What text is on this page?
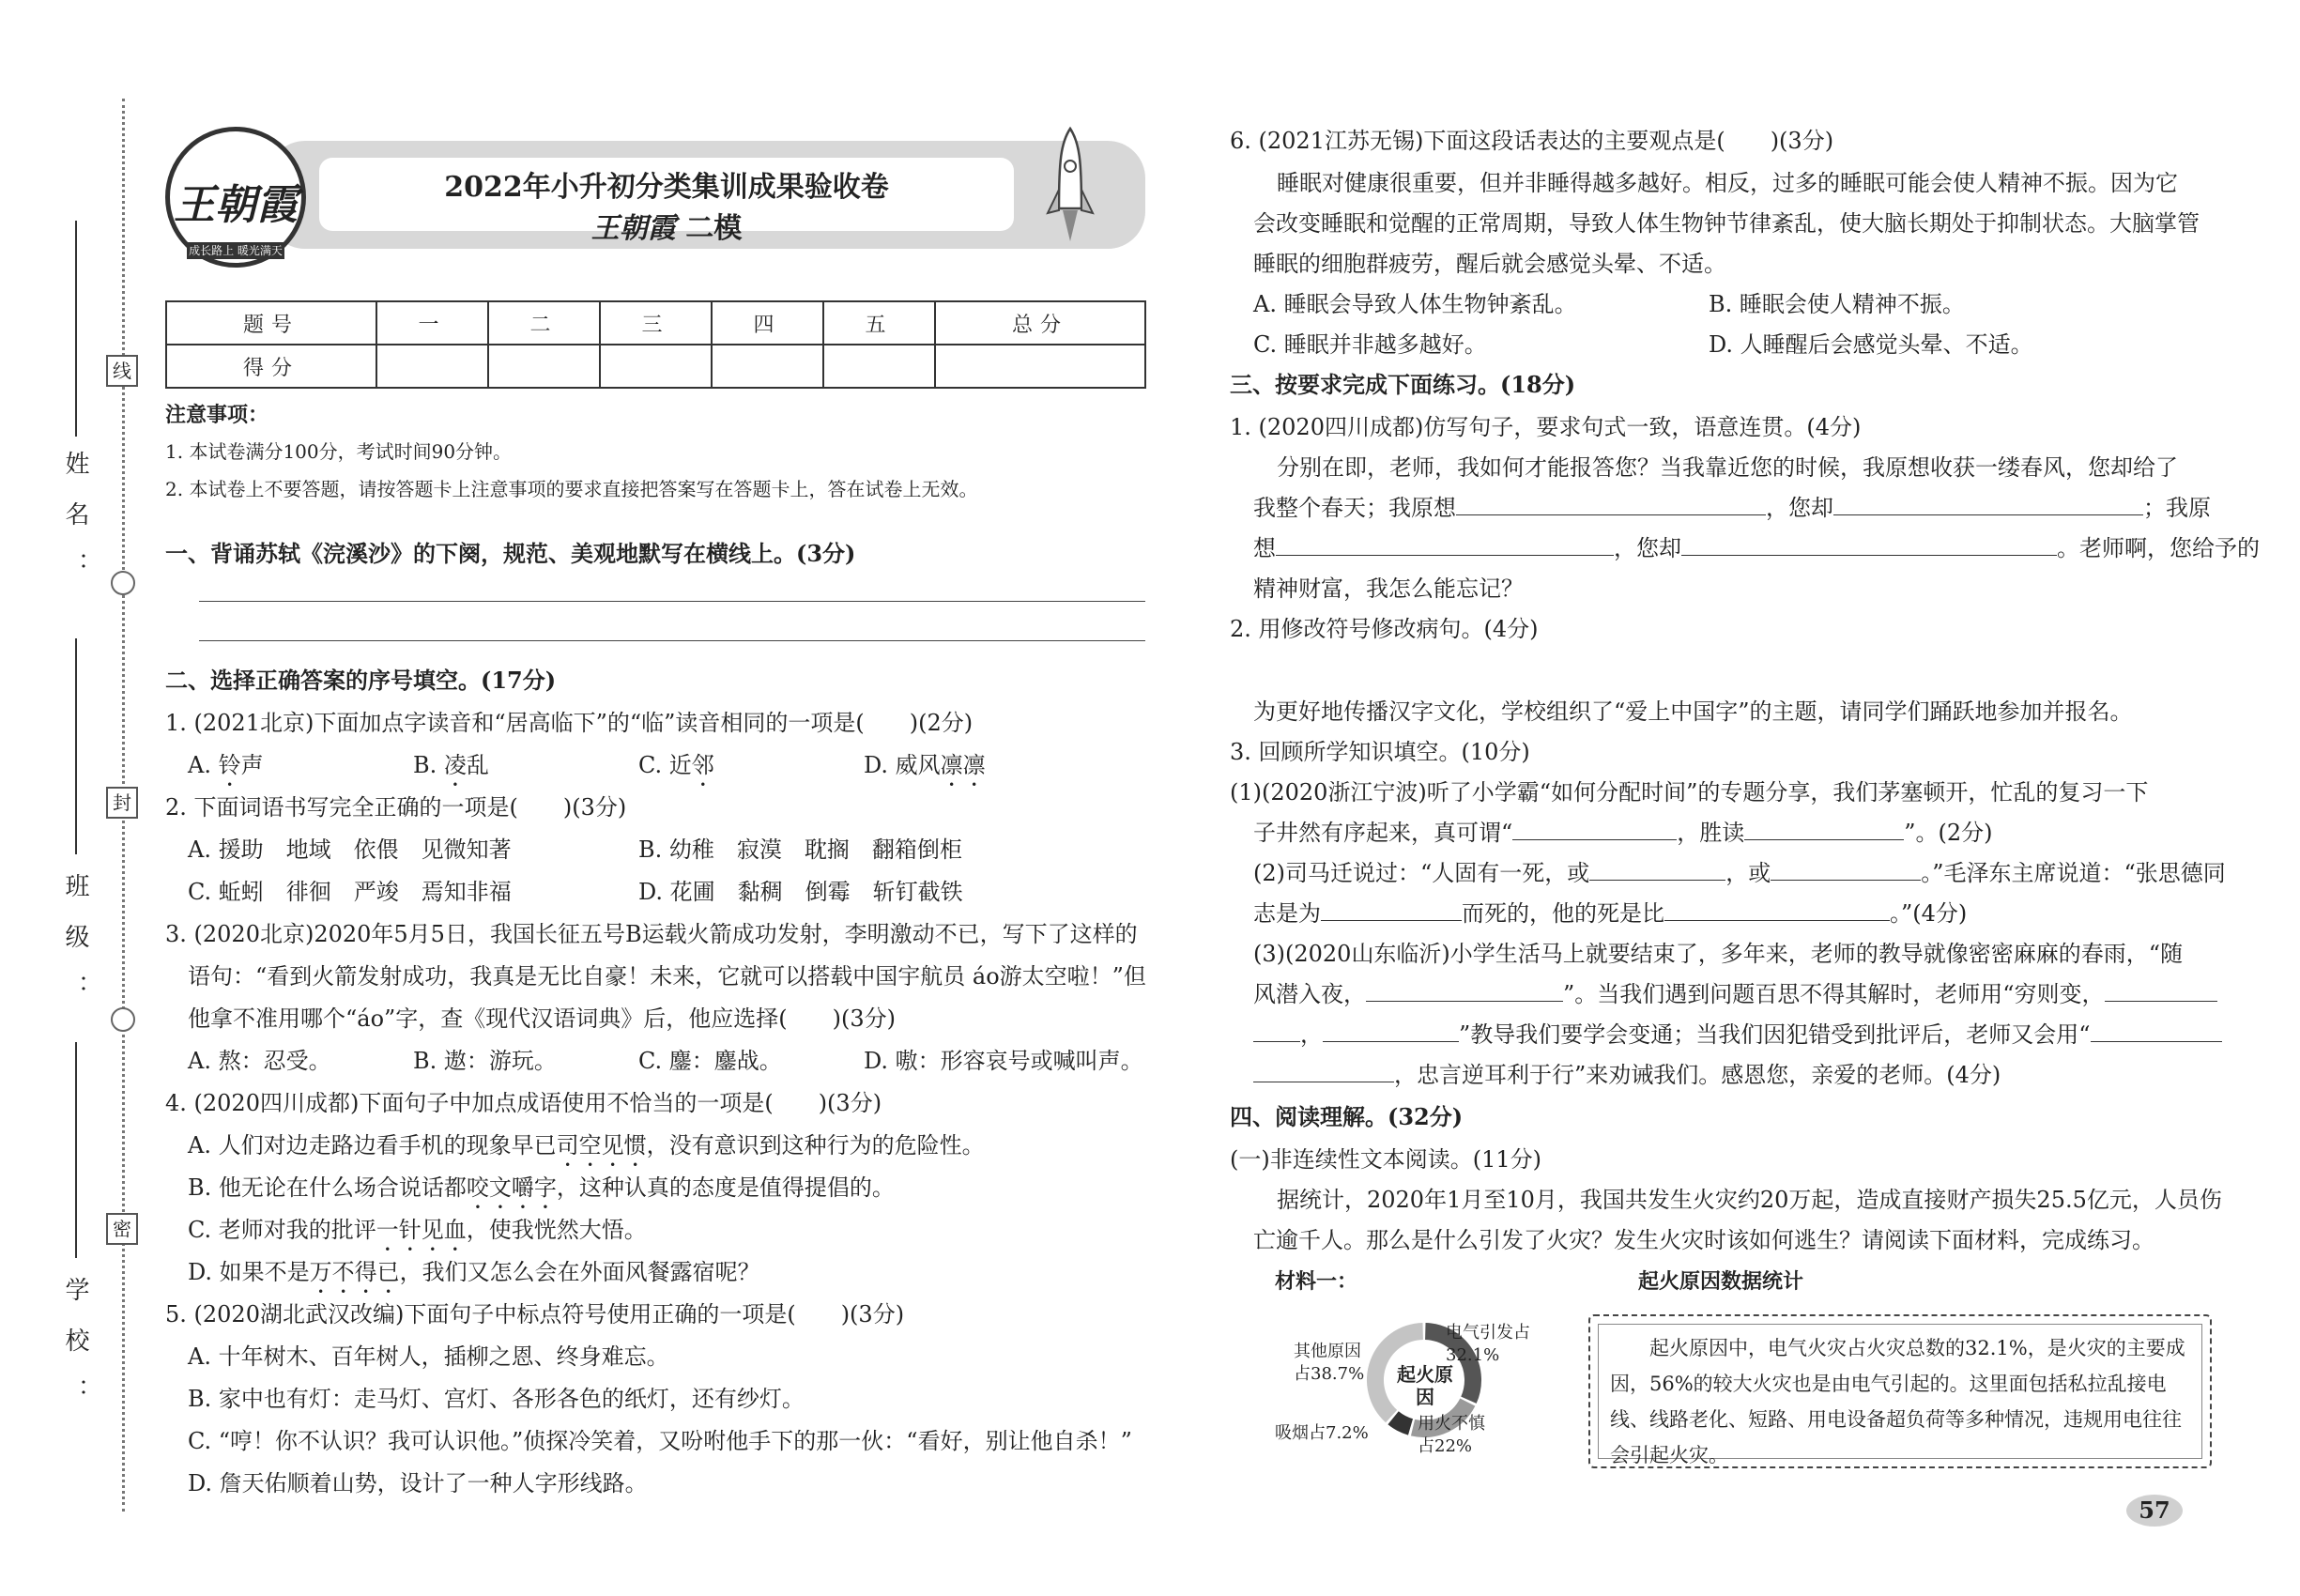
线
封
密
姓名：
班级：
学校：
王朝霞
成长路上 暖光满天
2022年小升初分类集训成果验收卷
王朝霞 二模
题号	一	二	三	四	五	总分
得分						
注意事项：
1. 本试卷满分100分，考试时间90分钟。
2. 本试卷上不要答题，请按答题卡上注意事项的要求直接把答案写在答题卡上，答在试卷上无效。
一、背诵苏轼《浣溪沙》的下阕，规范、美观地默写在横线上。(3分)
二、选择正确答案的序号填空。(17分)
1. (2021北京)下面加点字读音和“居高临下”的“临”读音相同的一项是(　　)(2分)
A. 铃声	C. 近邻	D. 威风凛凛
B. 凌乱
2. 下面词语书写完全正确的一项是(　　)(3分)
A. 援助　地域　依偎　见微知著	B. 幼稚　寂漠　耽搁　翻箱倒柜
C. 蚯蚓　徘徊　严竣　焉知非福	D. 花圃　黏稠　倒霉　斩钉截铁
3. (2020北京)2020年5月5日，我国长征五号B运载火箭成功发射，李明激动不已，写下了这样的
语句：“看到火箭发射成功，我真是无比自豪！未来，它就可以搭载中国宇航员 áo游太空啦！”但
他拿不准用哪个“áo”字，查《现代汉语词典》后，他应选择(　　)(3分)
A. 熬：忍受。	B. 遨：游玩。	C. 鏖：鏖战。	D. 嗷：形容哀号或喊叫声。
4. (2020四川成都)下面句子中加点成语使用不恰当的一项是(　　)(3分)
A. 人们对边走路边看手机的现象早已司空见惯，没有意识到这种行为的危险性。
B. 他无论在什么场合说话都咬文嚼字，这种认真的态度是值得提倡的。
C. 老师对我的批评一针见血，使我恍然大悟。
D. 如果不是万不得已，我们又怎么会在外面风餐露宿呢？
5. (2020湖北武汉改编)下面句子中标点符号使用正确的一项是(　　)(3分)
A. 十年树木、百年树人，插柳之恩、终身难忘。
B. 家中也有灯：走马灯、宫灯、各形各色的纸灯，还有纱灯。
C. “哼！你不认识？我可认识他。”侦探冷笑着，又吩咐他手下的那一伙：“看好，别让他自杀！”
D. 詹天佑顺着山势，设计了一种人字形线路。
6. (2021江苏无锡)下面这段话表达的主要观点是(　　)(3分)
睡眠对健康很重要，但并非睡得越多越好。相反，过多的睡眠可能会使人精神不振。因为它
会改变睡眠和觉醒的正常周期，导致人体生物钟节律紊乱，使大脑长期处于抑制状态。大脑掌管
睡眠的细胞群疲劳，醒后就会感觉头晕、不适。
A. 睡眠会导致人体生物钟紊乱。	B. 睡眠会使人精神不振。
C. 睡眠并非越多越好。	D. 人睡醒后会感觉头晕、不适。
三、按要求完成下面练习。(18分)
1. (2020四川成都)仿写句子，要求句式一致，语意连贯。(4分)
分别在即，老师，我如何才能报答您？当我靠近您的时候，我原想收获一缕春风，您却给了
我整个春天；我原想	，您却	；我原
想	，您却	。老师啊，您给予的
精神财富，我怎么能忘记？
2. 用修改符号修改病句。(4分)
为更好地传播汉字文化，学校组织了“爱上中国字”的主题，请同学们踊跃地参加并报名。
3. 回顾所学知识填空。(10分)
(1)(2020浙江宁波)听了小学霸“如何分配时间”的专题分享，我们茅塞顿开，忙乱的复习一下
子井然有序起来，真可谓“	，胜读	”。(2分)
(2)司马迁说过：“人固有一死，或	，或	。”毛泽东主席说道：“张思德同
志是为	而死的，他的死是比	。”(4分)
(3)(2020山东临沂)小学生活马上就要结束了，多年来，老师的教导就像密密麻麻的春雨，“随
风潜入夜，	”。当我们遇到问题百思不得其解时，老师用“穷则变，
，	”教导我们要学会变通；当我们因犯错受到批评后，老师又会用“
，忠言逆耳利于行”来劝诫我们。感恩您，亲爱的老师。(4分)
四、阅读理解。(32分)
(一)非连续性文本阅读。(11分)
据统计，2020年1月至10月，我国共发生火灾约20万起，造成直接财产损失25.5亿元，人员伤
亡逾千人。那么是什么引发了火灾？发生火灾时该如何逃生？请阅读下面材料，完成练习。
材料一：	起火原因数据统计
起火原因
电气引发占32.1%
用火不慎占22%
吸烟占7.2%
其他原因占38.7%
起火原因中，电气火灾占火灾总数的32.1%，是火灾的主要成因，56%的较大火灾也是由电气引起的。这里面包括私拉乱接电线、线路老化、短路、用电设备超负荷等多种情况，违规用电往往会引起火灾。
57
